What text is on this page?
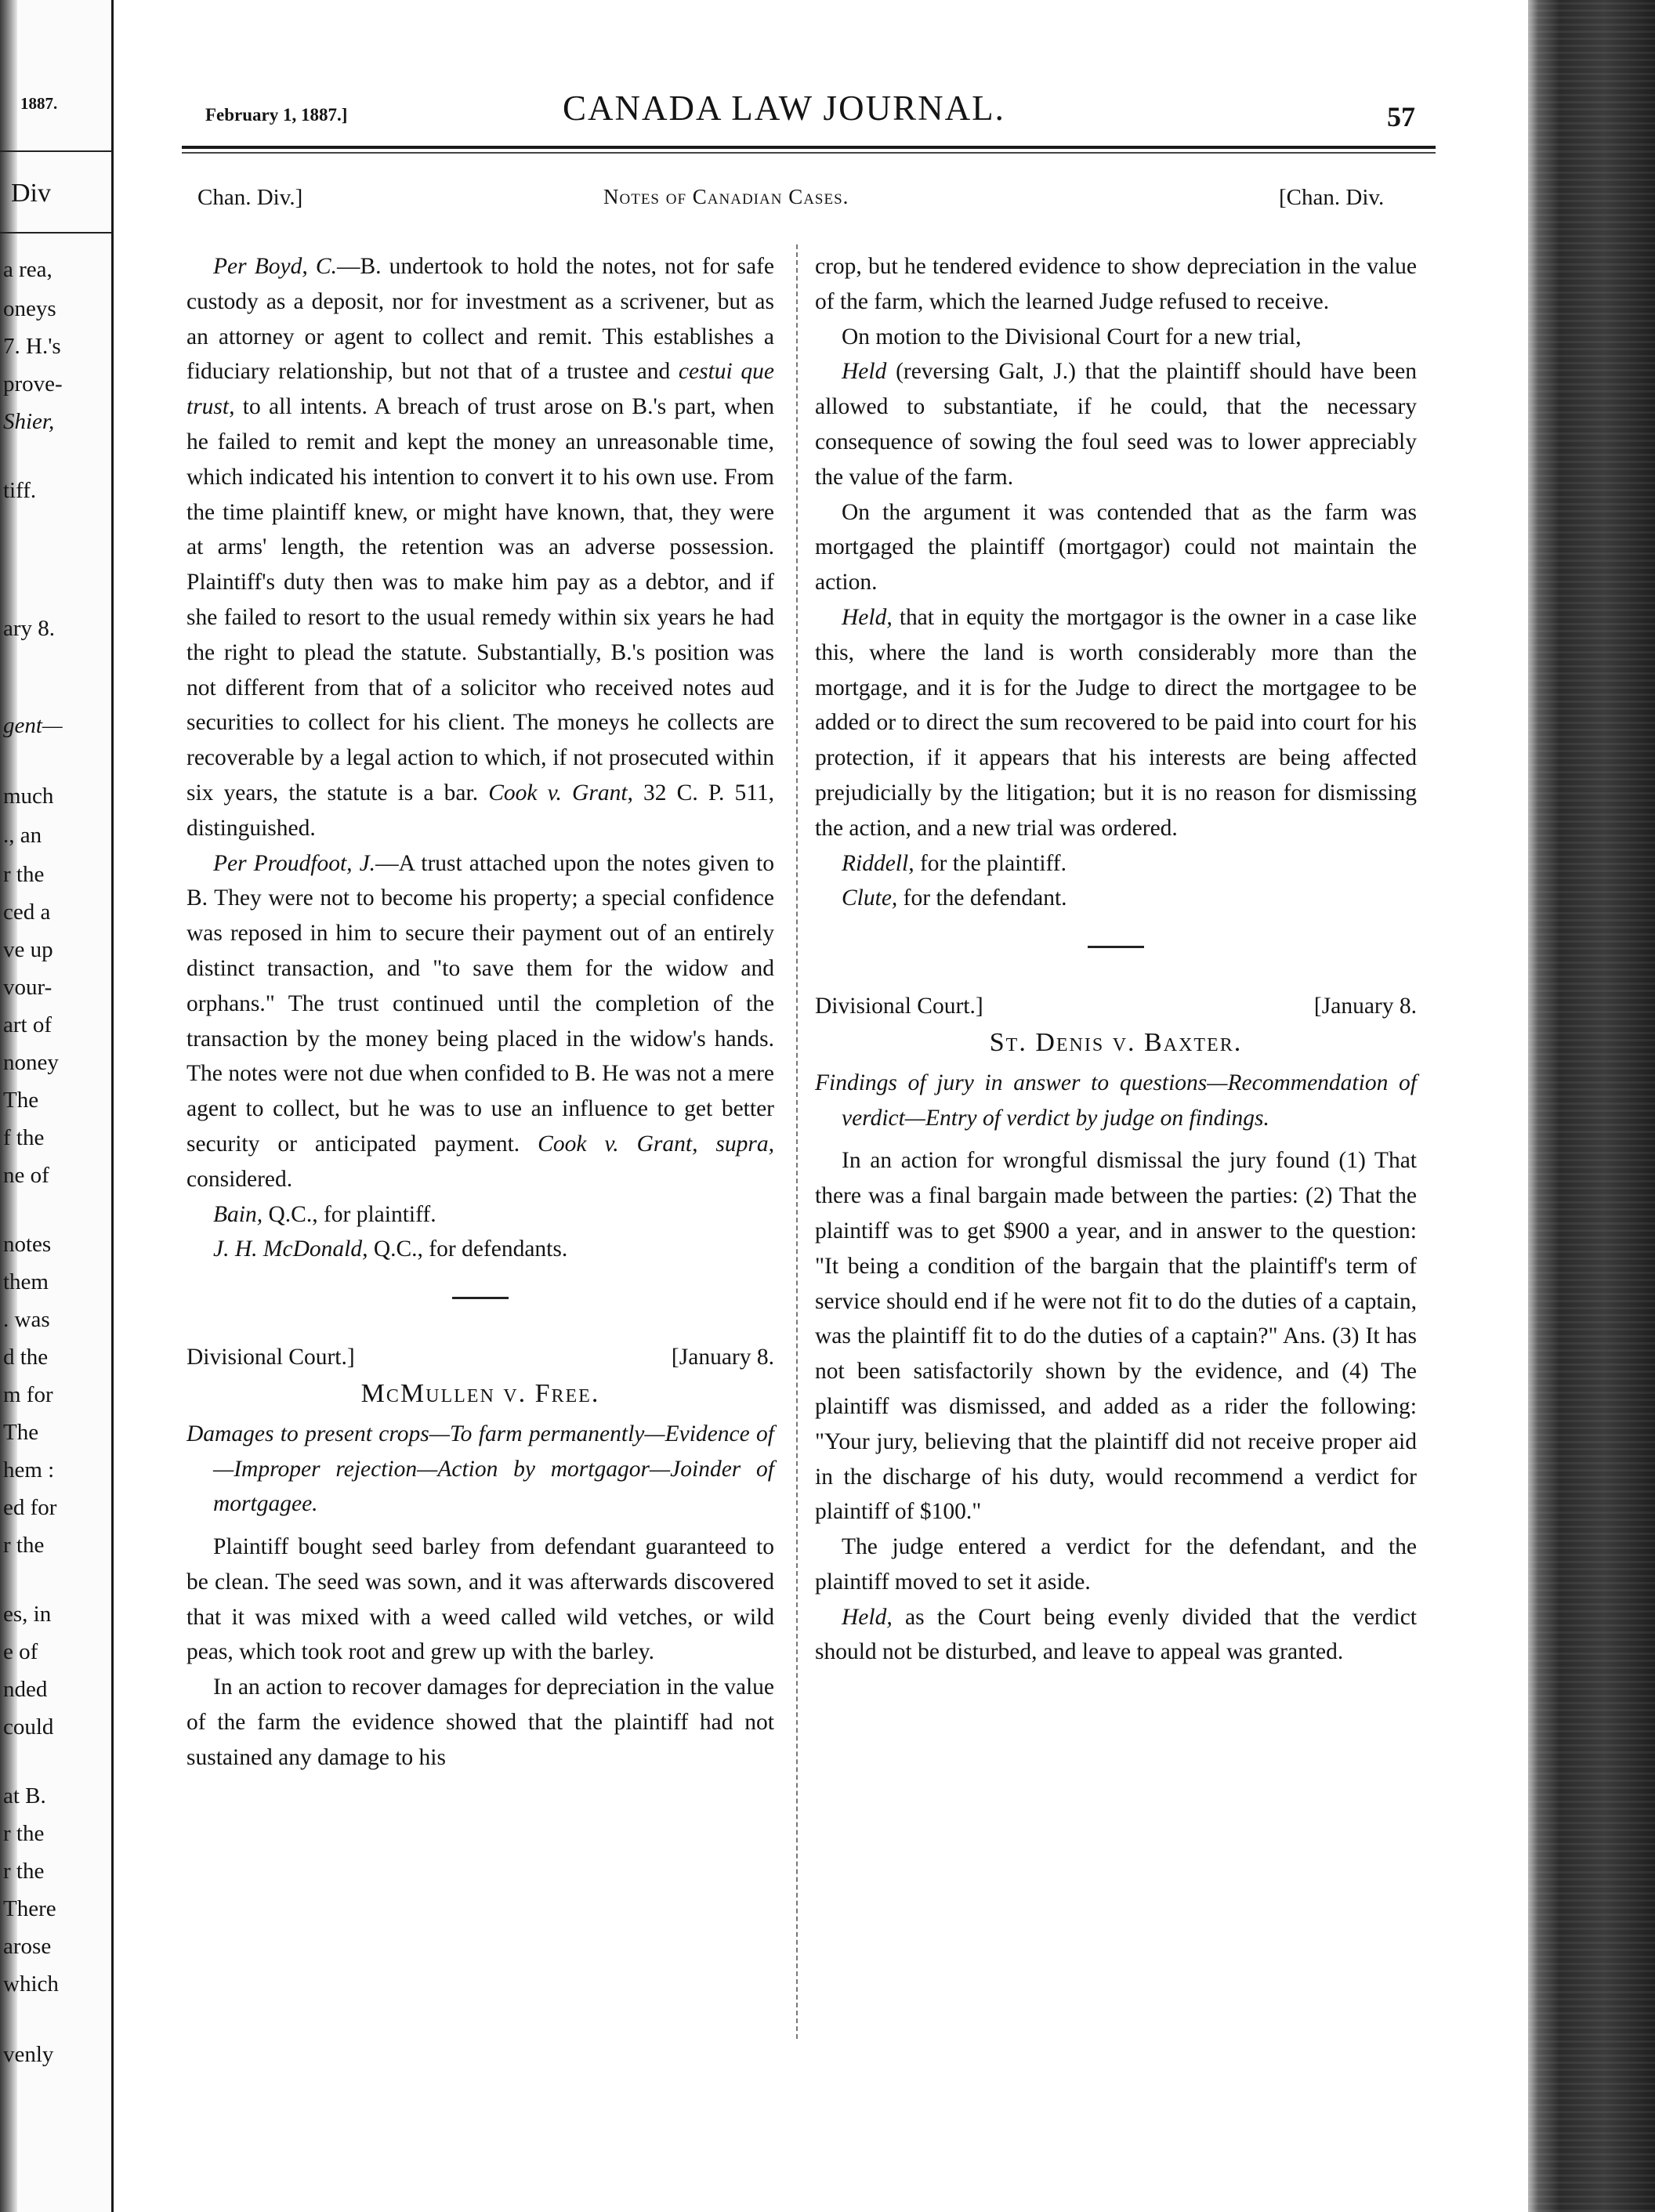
1887.
Div
a rea,
oneys
7. H.'s
prove-
Shier,
tiff.
ary 8.
gent—
much
., an
r the
ced a
ve up
vour-
art of
noney
The
f the
ne of
notes
them
. was
d the
m for
The
hem :
ed for
r the
es, in
e of
nded
could
at B.
r the
r the
There
arose
which
venly
February 1, 1887.]	CANADA LAW JOURNAL.	57
Chan. Div.]	Notes of Canadian Cases.	[Chan. Div.

Per Boyd, C.—B. undertook to hold the notes, not for safe custody as a deposit, nor for investment as a scrivener, but as an attorney or agent to collect and remit. This establishes a fiduciary relationship, but not that of a trustee and cestui que trust, to all intents. A breach of trust arose on B.'s part, when he failed to remit and kept the money an unreasonable time, which indicated his intention to convert it to his own use. From the time plaintiff knew, or might have known, that, they were at arms' length, the retention was an adverse possession. Plaintiff's duty then was to make him pay as a debtor, and if she failed to resort to the usual remedy within six years he had the right to plead the statute. Substantially, B.'s position was not different from that of a solicitor who received notes aud securities to collect for his client. The moneys he collects are recoverable by a legal action to which, if not prosecuted within six years, the statute is a bar. Cook v. Grant, 32 C. P. 511, distinguished.

Per Proudfoot, J.—A trust attached upon the notes given to B. They were not to become his property; a special confidence was reposed in him to secure their payment out of an entirely distinct transaction, and "to save them for the widow and orphans." The trust continued until the completion of the transaction by the money being placed in the widow's hands. The notes were not due when confided to B. He was not a mere agent to collect, but he was to use an influence to get better security or anticipated payment. Cook v. Grant, supra, considered.

Bain, Q.C., for plaintiff.

J. H. McDonald, Q.C., for defendants.

Divisional Court.]	[January 8.
McMullen v. Free.
Damages to present crops—To farm permanently—Evidence of—Improper rejection—Action by mortgagor—Joinder of mortgagee.

Plaintiff bought seed barley from defendant guaranteed to be clean. The seed was sown, and it was afterwards discovered that it was mixed with a weed called wild vetches, or wild peas, which took root and grew up with the barley.

In an action to recover damages for depreciation in the value of the farm the evidence showed that the plaintiff had not sustained any damage to his

crop, but he tendered evidence to show depreciation in the value of the farm, which the learned Judge refused to receive.

On motion to the Divisional Court for a new trial,

Held (reversing Galt, J.) that the plaintiff should have been allowed to substantiate, if he could, that the necessary consequence of sowing the foul seed was to lower appreciably the value of the farm.

On the argument it was contended that as the farm was mortgaged the plaintiff (mortgagor) could not maintain the action.

Held, that in equity the mortgagor is the owner in a case like this, where the land is worth considerably more than the mortgage, and it is for the Judge to direct the mortgagee to be added or to direct the sum recovered to be paid into court for his protection, if it appears that his interests are being affected prejudicially by the litigation; but it is no reason for dismissing the action, and a new trial was ordered.

Riddell, for the plaintiff.

Clute, for the defendant.

Divisional Court.]	[January 8.
St. Denis v. Baxter.
Findings of jury in answer to questions—Recommendation of verdict—Entry of verdict by judge on findings.

In an action for wrongful dismissal the jury found (1) That there was a final bargain made between the parties: (2) That the plaintiff was to get $900 a year, and in answer to the question: "It being a condition of the bargain that the plaintiff's term of service should end if he were not fit to do the duties of a captain, was the plaintiff fit to do the duties of a captain?" Ans. (3) It has not been satisfactorily shown by the evidence, and (4) The plaintiff was dismissed, and added as a rider the following: "Your jury, believing that the plaintiff did not receive proper aid in the discharge of his duty, would recommend a verdict for plaintiff of $100."

The judge entered a verdict for the defendant, and the plaintiff moved to set it aside.

Held, as the Court being evenly divided that the verdict should not be disturbed, and leave to appeal was granted.
